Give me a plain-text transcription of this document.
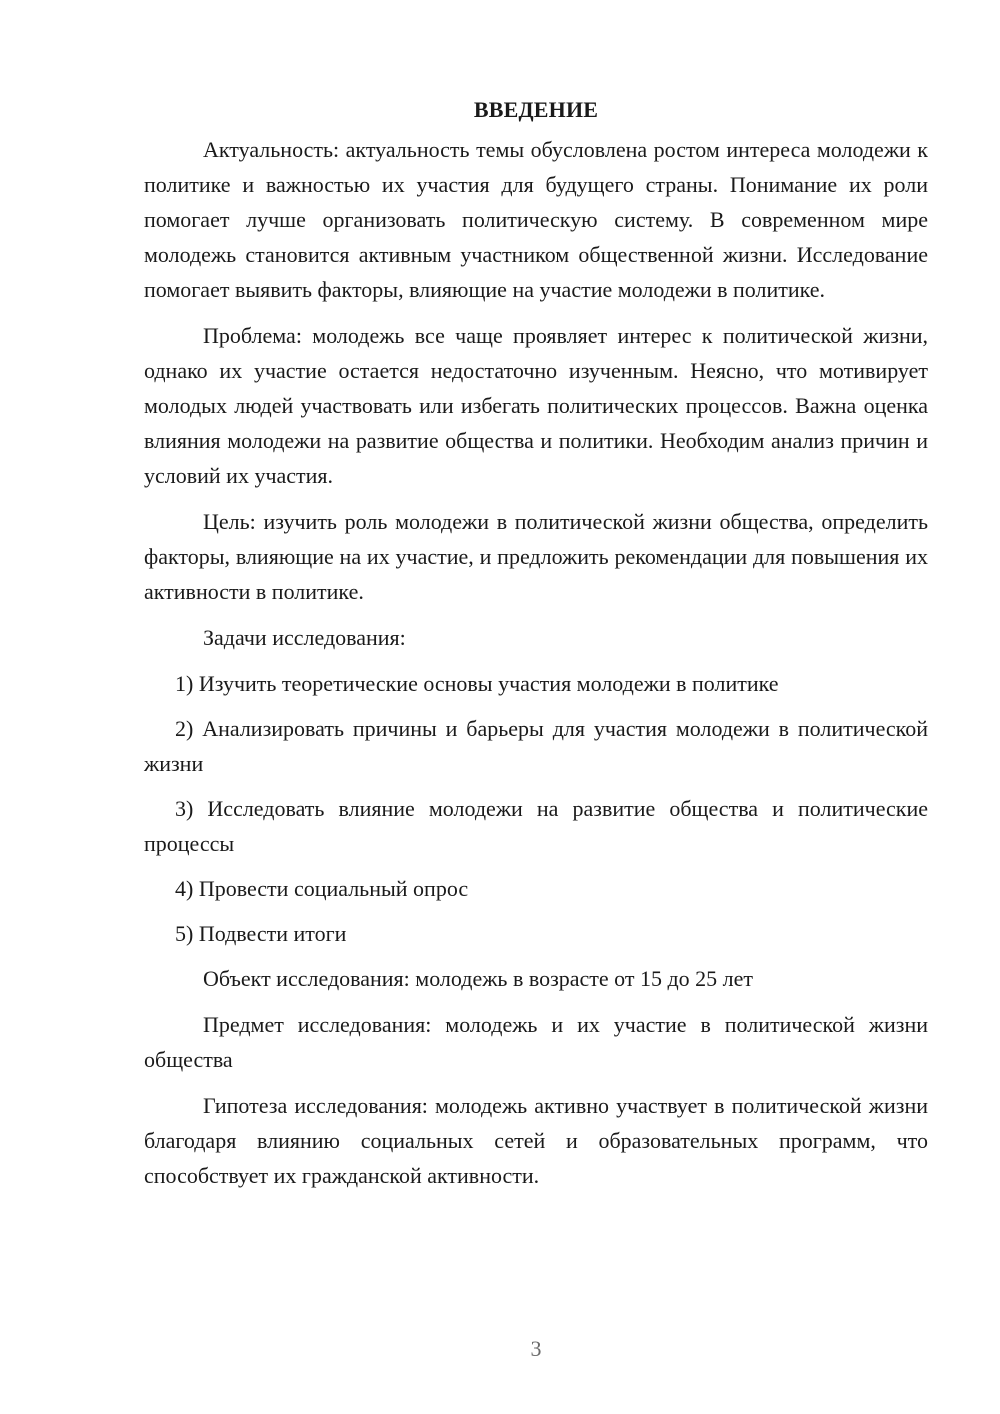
ВВЕДЕНИЕ

Актуальность: актуальность темы обусловлена ростом интереса молодежи к политике и важностью их участия для будущего страны. Понимание их роли помогает лучше организовать политическую систему. В современном мире молодежь становится активным участником общественной жизни. Исследование помогает выявить факторы, влияющие на участие молодежи в политике.

Проблема: молодежь все чаще проявляет интерес к политической жизни, однако их участие остается недостаточно изученным. Неясно, что мотивирует молодых людей участвовать или избегать политических процессов. Важна оценка влияния молодежи на развитие общества и политики. Необходим анализ причин и условий их участия.

Цель: изучить роль молодежи в политической жизни общества, определить факторы, влияющие на их участие, и предложить рекомендации для повышения их активности в политике.

Задачи исследования:

1) Изучить теоретические основы участия молодежи в политике

2) Анализировать причины и барьеры для участия молодежи в политической жизни

3) Исследовать влияние молодежи на развитие общества и политические процессы

4) Провести социальный опрос

5) Подвести итоги

Объект исследования: молодежь в возрасте от 15 до 25 лет

Предмет исследования: молодежь и их участие в политической жизни общества

Гипотеза исследования: молодежь активно участвует в политической жизни благодаря влиянию социальных сетей и образовательных программ, что способствует их гражданской активности.

3
